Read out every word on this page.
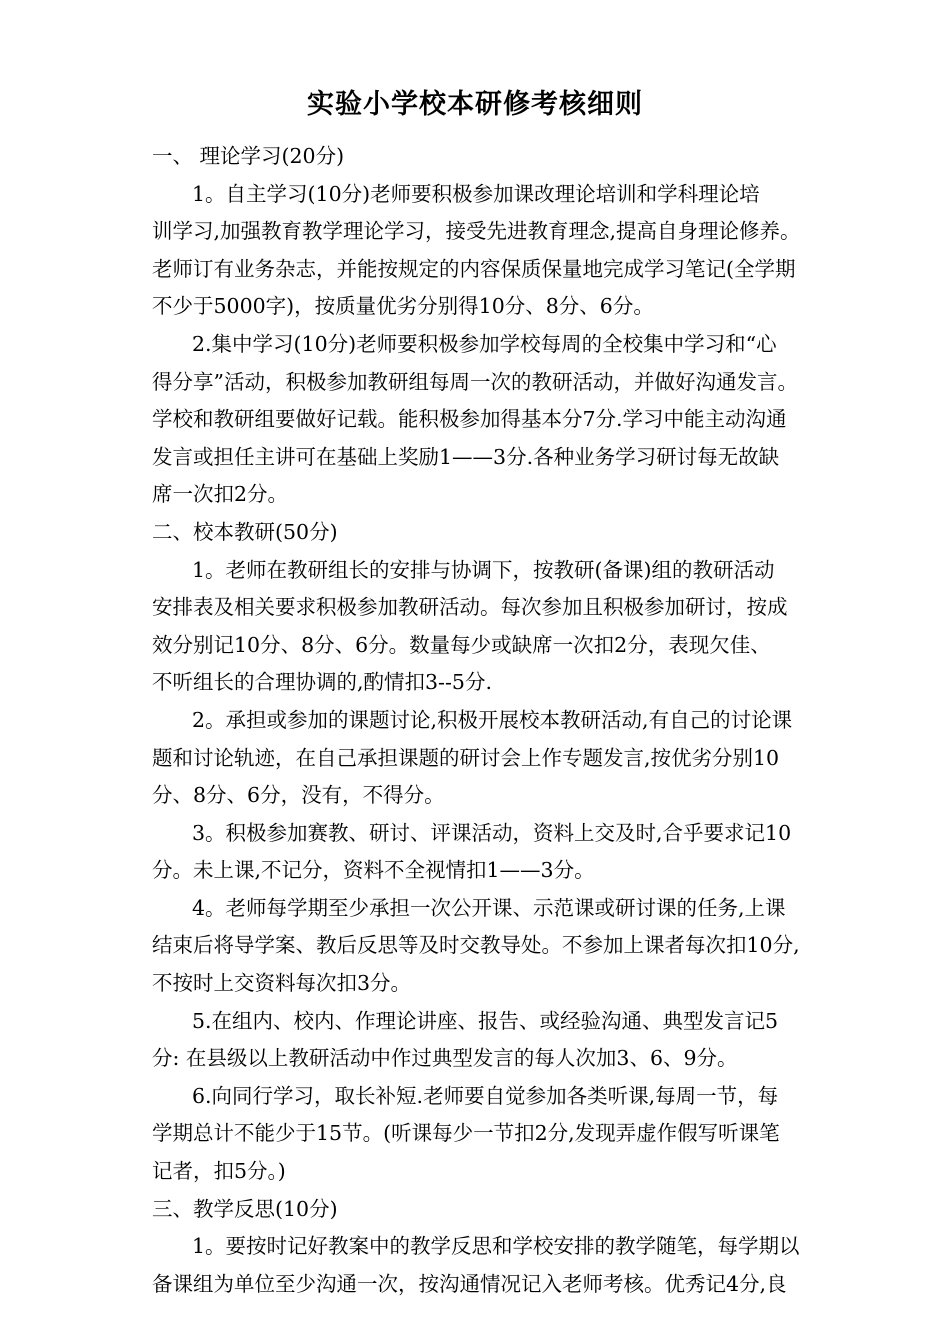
实验小学校本研修考核细则
一、 理论学习(20分)
1。自主学习(10分)老师要积极参加课改理论培训和学科理论培
训学习,加强教育教学理论学习，接受先进教育理念,提高自身理论修养。
老师订有业务杂志，并能按规定的内容保质保量地完成学习笔记(全学期
不少于5000字)，按质量优劣分别得10分、8分、6分。
2.集中学习(10分)老师要积极参加学校每周的全校集中学习和“心
得分享”活动，积极参加教研组每周一次的教研活动，并做好沟通发言。
学校和教研组要做好记载。能积极参加得基本分7分.学习中能主动沟通
发言或担任主讲可在基础上奖励1——3分.各种业务学习研讨每无故缺
席一次扣2分。
二、校本教研(50分)
1。老师在教研组长的安排与协调下，按教研(备课)组的教研活动
安排表及相关要求积极参加教研活动。每次参加且积极参加研讨，按成
效分别记10分、8分、6分。数量每少或缺席一次扣2分，表现欠佳、
不听组长的合理协调的,酌情扣3--5分.
2。承担或参加的课题讨论,积极开展校本教研活动,有自己的讨论课
题和讨论轨迹，在自己承担课题的研讨会上作专题发言,按优劣分别10
分、8分、6分，没有，不得分。
3。积极参加赛教、研讨、评课活动，资料上交及时,合乎要求记10
分。未上课,不记分，资料不全视情扣1——3分。
4。老师每学期至少承担一次公开课、示范课或研讨课的任务,上课
结束后将导学案、教后反思等及时交教导处。不参加上课者每次扣10分,
不按时上交资料每次扣3分。
5.在组内、校内、作理论讲座、报告、或经验沟通、典型发言记5
分: 在县级以上教研活动中作过典型发言的每人次加3、6、9分。
6.向同行学习，取长补短.老师要自觉参加各类听课,每周一节，每
学期总计不能少于15节。(听课每少一节扣2分,发现弄虚作假写听课笔
记者，扣5分。)
三、教学反思(10分)
1。要按时记好教案中的教学反思和学校安排的教学随笔，每学期以
备课组为单位至少沟通一次，按沟通情况记入老师考核。优秀记4分,良
